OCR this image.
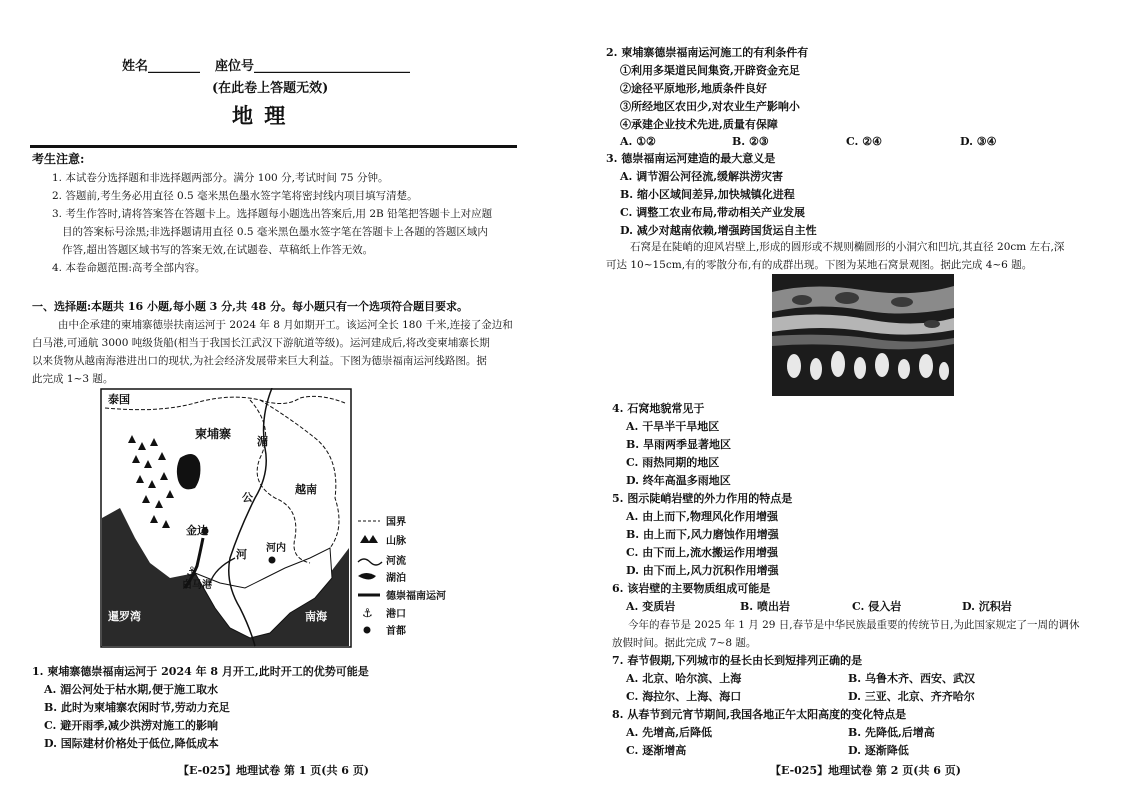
姓名________ 座位号________________________
(在此卷上答题无效)
地 理
考生注意:
1. 本试卷分选择题和非选择题两部分。满分 100 分,考试时间 75 分钟。
2. 答题前,考生务必用直径 0.5 毫米黑色墨水签字笔将密封线内项目填写清楚。
3. 考生作答时,请将答案答在答题卡上。选择题每小题选出答案后,用 2B 铅笔把答题卡上对应题
目的答案标号涂黑;非选择题请用直径 0.5 毫米黑色墨水签字笔在答题卡上各题的答题区域内
作答,超出答题区域书写的答案无效,在试题卷、草稿纸上作答无效。
4. 本卷命题范围:高考全部内容。
一、选择题:本题共 16 小题,每小题 3 分,共 48 分。每小题只有一个选项符合题目要求。
由中企承建的柬埔寨德崇扶南运河于 2024 年 8 月如期开工。该运河全长 180 千米,连接了金边和
白马港,可通航 3000 吨级货船(相当于我国长江武汉下游航道等级)。运河建成后,将改变柬埔寨长期
以来货物从越南海港进出口的现状,为社会经济发展带来巨大利益。下图为德崇福南运河线路图。据
此完成 1~3 题。
⚓
泰国
柬埔寨
越南
湄
公
河
金边
河内
白马港
暹罗湾	南海	⚓
国界
山脉
河流
湖泊
德崇福南运河
港口
首都
1. 柬埔寨德崇福南运河于 2024 年 8 月开工,此时开工的优势可能是
A. 湄公河处于枯水期,便于施工取水
B. 此时为柬埔寨农闲时节,劳动力充足
C. 避开雨季,减少洪涝对施工的影响
D. 国际建材价格处于低位,降低成本
【E-025】地理试卷 第 1 页(共 6 页)
2. 柬埔寨德崇福南运河施工的有利条件有
①利用多渠道民间集资,开辟资金充足
②途径平原地形,地质条件良好
③所经地区农田少,对农业生产影响小
④承建企业技术先进,质量有保障
A. ①②	B. ②③	C. ②④	D. ③④
3. 德崇福南运河建造的最大意义是
A. 调节湄公河径流,缓解洪涝灾害
B. 缩小区域间差异,加快城镇化进程
C. 调整工农业布局,带动相关产业发展
D. 减少对越南依赖,增强跨国货运自主性
石窝是在陡峭的迎风岩壁上,形成的圆形或不规则椭圆形的小洞穴和凹坑,其直径 20cm 左右,深
可达 10~15cm,有的零散分布,有的成群出现。下图为某地石窝景观图。据此完成 4~6 题。
4. 石窝地貌常见于
A. 干旱半干旱地区
B. 旱雨两季显著地区
C. 雨热同期的地区
D. 终年高温多雨地区
5. 图示陡峭岩壁的外力作用的特点是
A. 由上而下,物理风化作用增强
B. 由上而下,风力磨蚀作用增强
C. 由下而上,流水搬运作用增强
D. 由下而上,风力沉积作用增强
6. 该岩壁的主要物质组成可能是
A. 变质岩	B. 喷出岩	C. 侵入岩	D. 沉积岩
今年的春节是 2025 年 1 月 29 日,春节是中华民族最重要的传统节日,为此国家规定了一周的调休
放假时间。据此完成 7~8 题。
7. 春节假期,下列城市的昼长由长到短排列正确的是
A. 北京、哈尔滨、上海	B. 乌鲁木齐、西安、武汉
C. 海拉尔、上海、海口	D. 三亚、北京、齐齐哈尔
8. 从春节到元宵节期间,我国各地正午太阳高度的变化特点是
A. 先增高,后降低	B. 先降低,后增高
C. 逐渐增高	D. 逐渐降低
【E-025】地理试卷 第 2 页(共 6 页)
